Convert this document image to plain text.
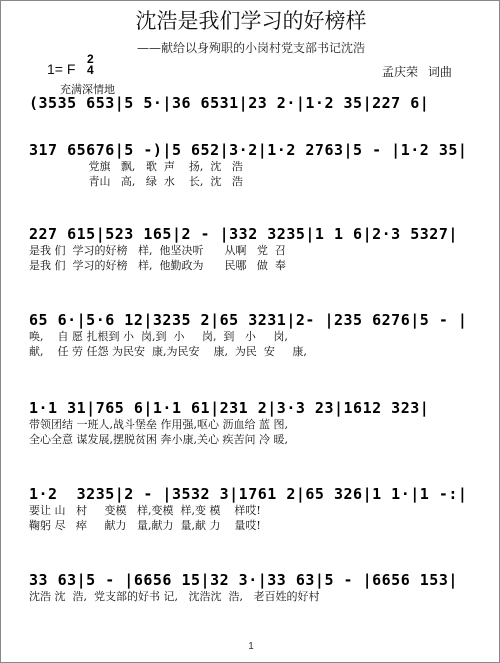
沈浩是我们学习的好榜样
——献给以身殉职的小岗村党支部书记沈浩
1= F
2
4
充满深情地
孟庆荣 词曲
(3535 653|5 5·|36 6531|23 2·|1·2 35|227 6|
317 65676|5 -)|5 652|3·2|1·2 2763|5 - |1·2 35|
党旗   飘,   歌  声    扬,  沈   浩
青山   高,   绿  水    长,  沈   浩
227 615|523 165|2 - |332 3235|1 1 6|2·3 5327|
是我 们  学习的好榜   样,  他坚决听      从啊   党  召
是我 们  学习的好榜   样,  他勤政为      民哪   做  奉
65 6·|5·6 12|3235 2|65 3231|2- |235 6276|5 - |
唤,    自 愿 扎根到 小  岗,到  小     岗,  到   小     岗,
献,    任 劳 任怨 为民安  康,为民安    康,  为民  安     康,
1·1 31|765 6|1·1 61|231 2|3·3 23|1612 323|
带领团结 一班人,战斗堡垒 作用强,呕心 沥血给 蓝 图,
全心全意 谋发展,摆脱贫困 奔小康,关心 疾苦问 冷 暖,
1·2  3235|2 - |3532 3|1761 2|65 326|1 1·|1 -:|
要让 山   村     变模   样,变模  样,变 模    样哎!
鞠躬 尽   瘁     献力   量,献力  量,献 力    量哎!
33 63|5 - |6656 15|32 3·|33 63|5 - |6656 153|
沈浩 沈  浩,  党支部的好书 记,   沈浩沈  浩,   老百姓的好村
1
